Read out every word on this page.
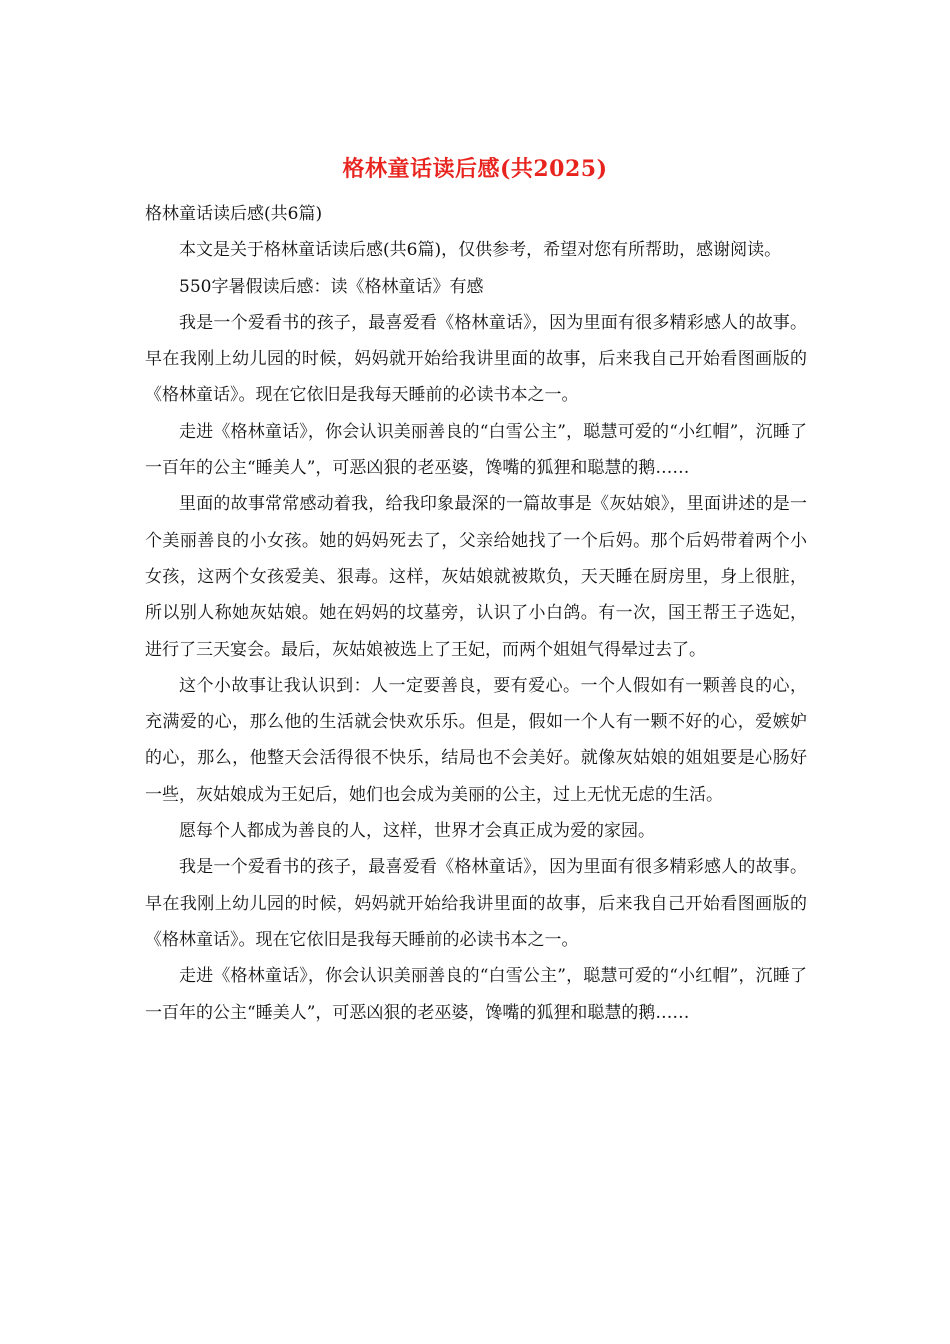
格林童话读后感(共2025)

格林童话读后感(共6篇)

本文是关于格林童话读后感(共6篇)，仅供参考，希望对您有所帮助，感谢阅读。

550字暑假读后感：读《格林童话》有感

我是一个爱看书的孩子，最喜爱看《格林童话》，因为里面有很多精彩感人的故事。早在我刚上幼儿园的时候，妈妈就开始给我讲里面的故事，后来我自己开始看图画版的《格林童话》。现在它依旧是我每天睡前的必读书本之一。

走进《格林童话》，你会认识美丽善良的“白雪公主”，聪慧可爱的“小红帽”，沉睡了一百年的公主“睡美人”，可恶凶狠的老巫婆，馋嘴的狐狸和聪慧的鹅……

里面的故事常常感动着我，给我印象最深的一篇故事是《灰姑娘》，里面讲述的是一个美丽善良的小女孩。她的妈妈死去了，父亲给她找了一个后妈。那个后妈带着两个小女孩，这两个女孩爱美、狠毒。这样，灰姑娘就被欺负，天天睡在厨房里，身上很脏，所以别人称她灰姑娘。她在妈妈的坟墓旁，认识了小白鸽。有一次，国王帮王子选妃，进行了三天宴会。最后，灰姑娘被选上了王妃，而两个姐姐气得晕过去了。

这个小故事让我认识到：人一定要善良，要有爱心。一个人假如有一颗善良的心，充满爱的心，那么他的生活就会快欢乐乐。但是，假如一个人有一颗不好的心，爱嫉妒的心，那么，他整天会活得很不快乐，结局也不会美好。就像灰姑娘的姐姐要是心肠好一些，灰姑娘成为王妃后，她们也会成为美丽的公主，过上无忧无虑的生活。

愿每个人都成为善良的人，这样，世界才会真正成为爱的家园。

我是一个爱看书的孩子，最喜爱看《格林童话》，因为里面有很多精彩感人的故事。早在我刚上幼儿园的时候，妈妈就开始给我讲里面的故事，后来我自己开始看图画版的《格林童话》。现在它依旧是我每天睡前的必读书本之一。

走进《格林童话》，你会认识美丽善良的“白雪公主”，聪慧可爱的“小红帽”，沉睡了一百年的公主“睡美人”，可恶凶狠的老巫婆，馋嘴的狐狸和聪慧的鹅……
